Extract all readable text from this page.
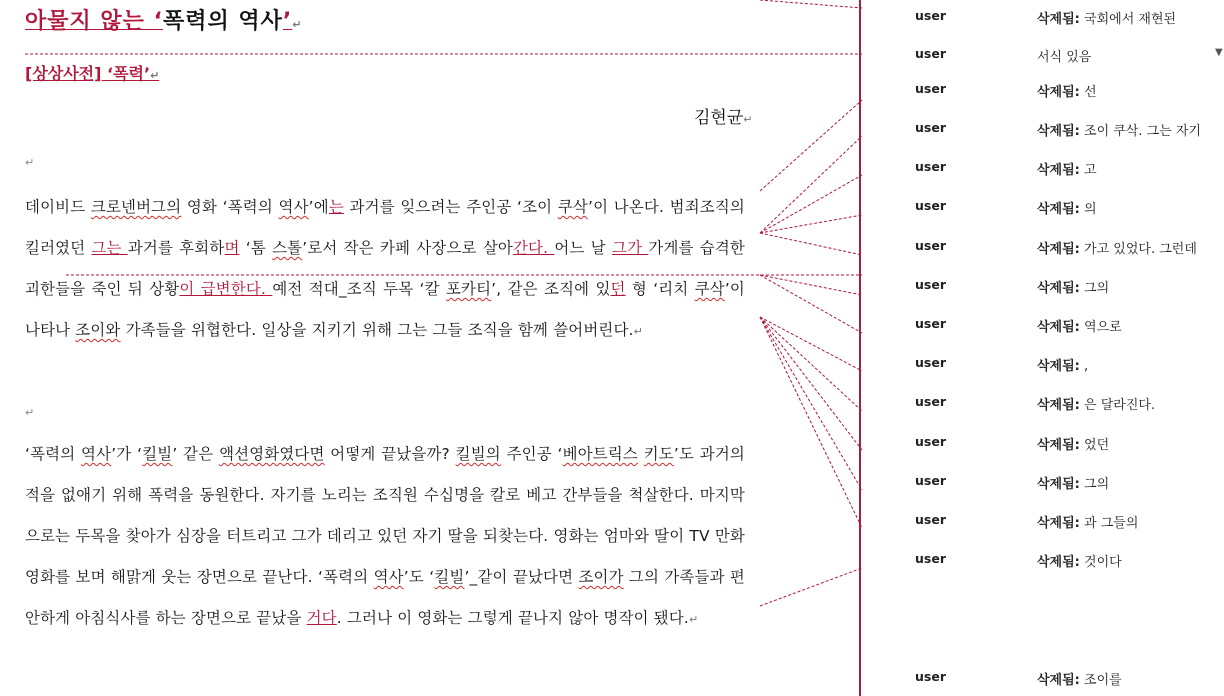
아물지 않는 ‘폭력의 역사’↵
[상상사전] ‘폭력’↵
김현균↵
↵
데이비드 크로넨버그의 영화 ‘폭력의 역사’에는 과거를 잊으려는 주인공 ‘조이 쿠삭’이 나온다. 범죄조직의 킬러였던 그는 과거를 후회하며 ‘톰 스톨’로서 작은 카페 사장으로 살아간다. 어느 날 그가 가게를 습격한 괴한들을 죽인 뒤 상황이 급변한다. 예전 적대_조직 두목 ‘칼 포카티’, 같은 조직에 있던 형 ‘리치 쿠삭’이 나타나 조이와 가족들을 위협한다. 일상을 지키기 위해 그는 그들 조직을 함께 쓸어버린다.↵
↵
‘폭력의 역사’가 ‘킬빌’ 같은 액션영화였다면 어떻게 끝났을까? 킬빌의 주인공 ‘베아트릭스 키도’도 과거의 적을 없애기 위해 폭력을 동원한다. 자기를 노리는 조직원 수십명을 칼로 베고 간부들을 척살한다. 마지막으로는 두목을 찾아가 심장을 터트리고 그가 데리고 있던 자기 딸을 되찾는다. 영화는 엄마와 딸이 TV 만화영화를 보며 해맑게 웃는 장면으로 끝난다. ‘폭력의 역사’도 ‘킬빌’_같이 끝났다면 조이가 그의 가족들과 편안하게 아침식사를 하는 장면으로 끝났을 거다. 그러나 이 영화는 그렇게 끝나지 않아 명작이 됐다.↵
user	삭제됨: 국회에서 재현된
user	서식 있음	▼
user	삭제됨: 선
user	삭제됨: 조이 쿠삭. 그는 자기
user	삭제됨: 고
user	삭제됨: 의
user	삭제됨: 가고 있었다. 그런데
user	삭제됨: 그의
user	삭제됨: 역으로
user	삭제됨: ,
user	삭제됨: 은 달라진다.
user	삭제됨: 었던
user	삭제됨: 그의
user	삭제됨: 과 그들의
user	삭제됨: 것이다
user	삭제됨: 조이를
